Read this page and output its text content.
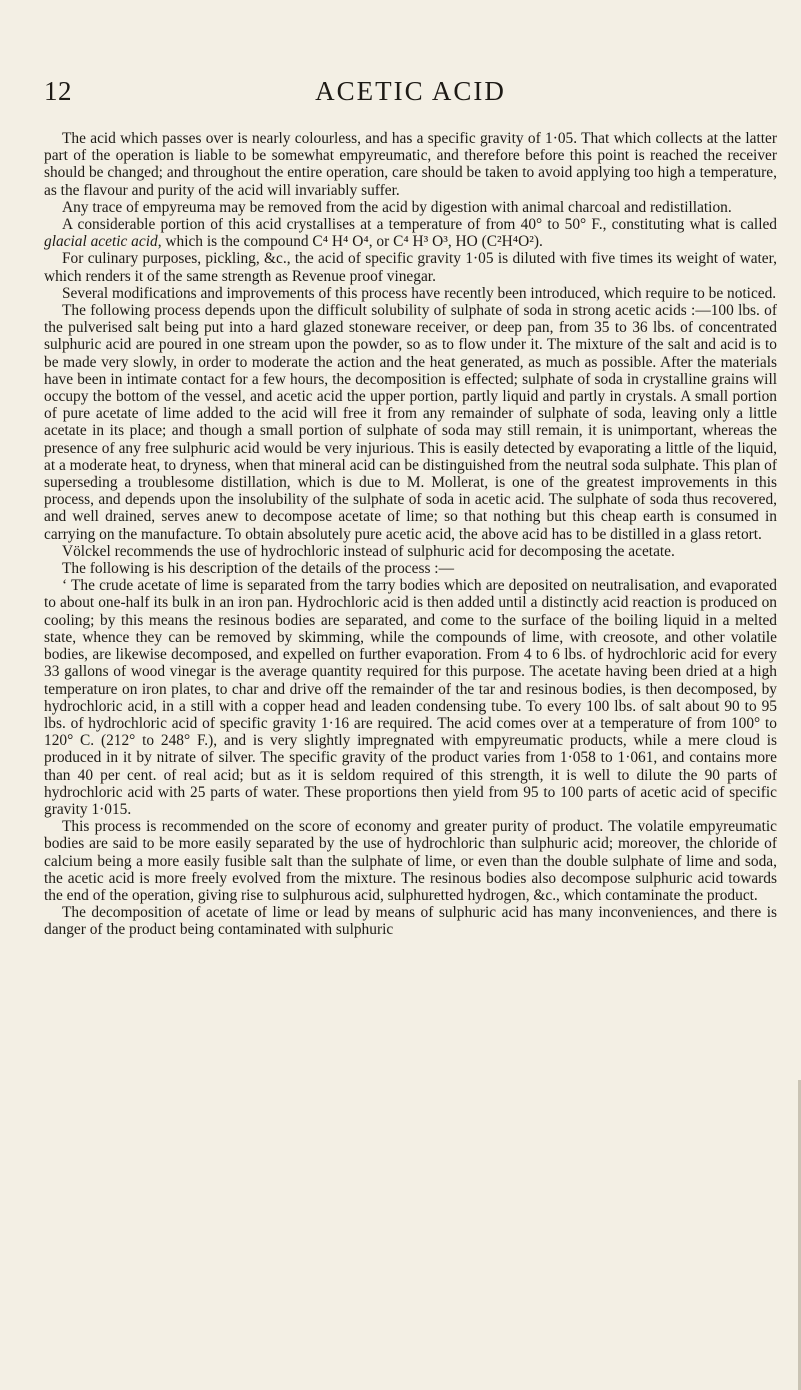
12	ACETIC ACID

The acid which passes over is nearly colourless, and has a specific gravity of 1·05. That which collects at the latter part of the operation is liable to be somewhat empyreumatic, and therefore before this point is reached the receiver should be changed; and throughout the entire operation, care should be taken to avoid applying too high a temperature, as the flavour and purity of the acid will invariably suffer.

Any trace of empyreuma may be removed from the acid by digestion with animal charcoal and redistillation.

A considerable portion of this acid crystallises at a temperature of from 40° to 50° F., constituting what is called glacial acetic acid, which is the compound C⁴ H⁴ O⁴, or C⁴ H³ O³, HO (C²H⁴O²).

For culinary purposes, pickling, &c., the acid of specific gravity 1·05 is diluted with five times its weight of water, which renders it of the same strength as Revenue proof vinegar.

Several modifications and improvements of this process have recently been introduced, which require to be noticed.

The following process depends upon the difficult solubility of sulphate of soda in strong acetic acids :—100 lbs. of the pulverised salt being put into a hard glazed stoneware receiver, or deep pan, from 35 to 36 lbs. of concentrated sulphuric acid are poured in one stream upon the powder, so as to flow under it. The mixture of the salt and acid is to be made very slowly, in order to moderate the action and the heat generated, as much as possible. After the materials have been in intimate contact for a few hours, the decomposition is effected; sulphate of soda in crystalline grains will occupy the bottom of the vessel, and acetic acid the upper portion, partly liquid and partly in crystals. A small portion of pure acetate of lime added to the acid will free it from any remainder of sulphate of soda, leaving only a little acetate in its place; and though a small portion of sulphate of soda may still remain, it is unimportant, whereas the presence of any free sulphuric acid would be very injurious. This is easily detected by evaporating a little of the liquid, at a moderate heat, to dryness, when that mineral acid can be distinguished from the neutral soda sulphate. This plan of superseding a troublesome distillation, which is due to M. Mollerat, is one of the greatest improvements in this process, and depends upon the insolubility of the sulphate of soda in acetic acid. The sulphate of soda thus recovered, and well drained, serves anew to decompose acetate of lime; so that nothing but this cheap earth is consumed in carrying on the manufacture. To obtain absolutely pure acetic acid, the above acid has to be distilled in a glass retort.

Völckel recommends the use of hydrochloric instead of sulphuric acid for decomposing the acetate.

The following is his description of the details of the process :—

‘ The crude acetate of lime is separated from the tarry bodies which are deposited on neutralisation, and evaporated to about one-half its bulk in an iron pan. Hydrochloric acid is then added until a distinctly acid reaction is produced on cooling; by this means the resinous bodies are separated, and come to the surface of the boiling liquid in a melted state, whence they can be removed by skimming, while the compounds of lime, with creosote, and other volatile bodies, are likewise decomposed, and expelled on further evaporation. From 4 to 6 lbs. of hydrochloric acid for every 33 gallons of wood vinegar is the average quantity required for this purpose. The acetate having been dried at a high temperature on iron plates, to char and drive off the remainder of the tar and resinous bodies, is then decomposed, by hydrochloric acid, in a still with a copper head and leaden condensing tube. To every 100 lbs. of salt about 90 to 95 lbs. of hydrochloric acid of specific gravity 1·16 are required. The acid comes over at a temperature of from 100° to 120° C. (212° to 248° F.), and is very slightly impregnated with empyreumatic products, while a mere cloud is produced in it by nitrate of silver. The specific gravity of the product varies from 1·058 to 1·061, and contains more than 40 per cent. of real acid; but as it is seldom required of this strength, it is well to dilute the 90 parts of hydrochloric acid with 25 parts of water. These proportions then yield from 95 to 100 parts of acetic acid of specific gravity 1·015.

This process is recommended on the score of economy and greater purity of product. The volatile empyreumatic bodies are said to be more easily separated by the use of hydrochloric than sulphuric acid; moreover, the chloride of calcium being a more easily fusible salt than the sulphate of lime, or even than the double sulphate of lime and soda, the acetic acid is more freely evolved from the mixture. The resinous bodies also decompose sulphuric acid towards the end of the operation, giving rise to sulphurous acid, sulphuretted hydrogen, &c., which contaminate the product.

The decomposition of acetate of lime or lead by means of sulphuric acid has many inconveniences, and there is danger of the product being contaminated with sulphuric
